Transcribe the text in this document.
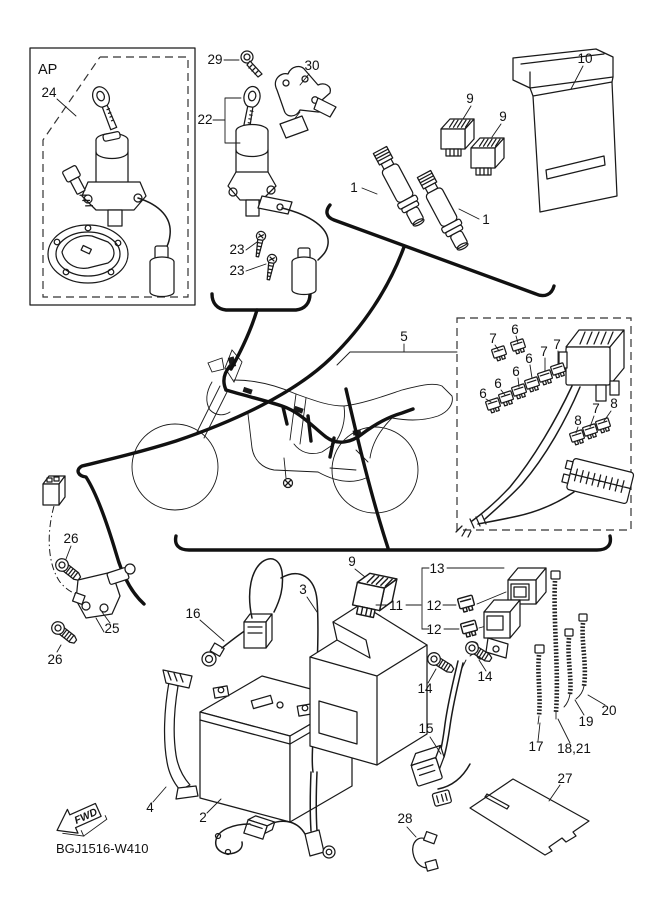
FWD
BGJ1516-W410
AP
24
29	30
22
23
23
1
1
9
9
10
5	7
6
6 7 7
6
6
6
8
7 8
26
25
26
16
4
2
3
9	13
11 12
12
14
14
15
17 18,21
19
20
27
28
